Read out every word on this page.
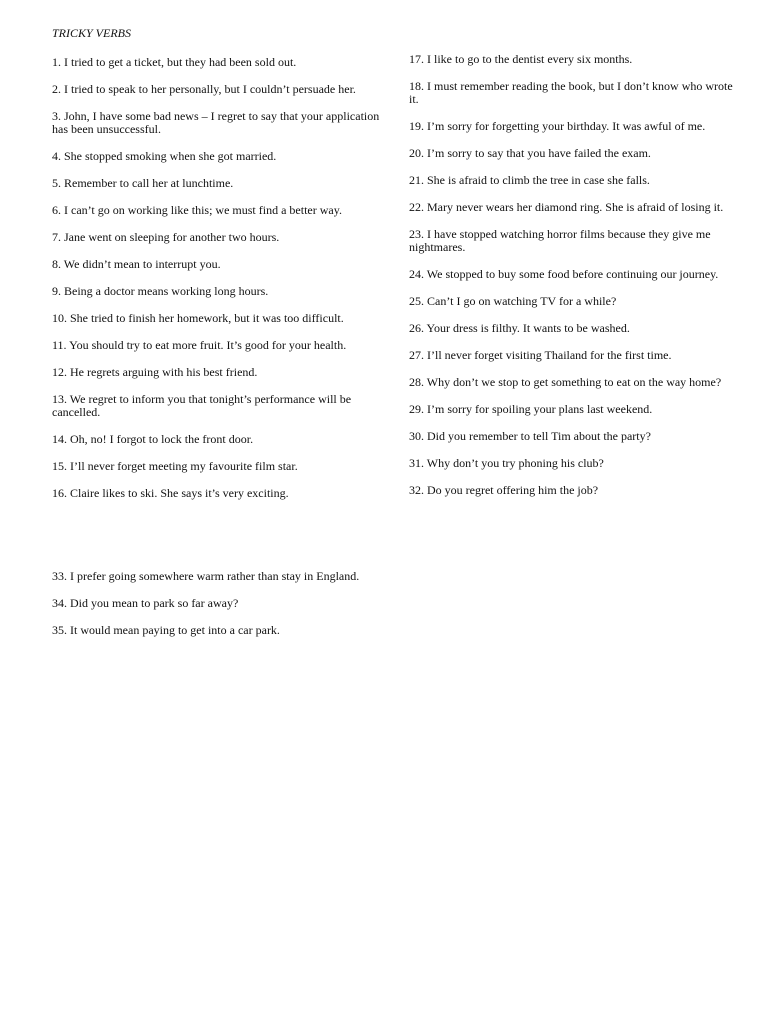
TRICKY VERBS
1. I tried to get a ticket, but they had been sold out.
2. I tried to speak to her personally, but I couldn’t persuade her.
3. John, I have some bad news – I regret to say that your application has been unsuccessful.
4. She stopped smoking when she got married.
5. Remember to call her at lunchtime.
6. I can’t go on working like this; we must find a better way.
7. Jane went on sleeping for another two hours.
8. We didn’t mean to interrupt you.
9. Being a doctor means working long hours.
10. She tried to finish her homework, but it was too difficult.
11. You should try to eat more fruit. It’s good for your health.
12. He regrets arguing with his best friend.
13. We regret to inform you that tonight’s performance will be cancelled.
14. Oh, no! I forgot to lock the front door.
15. I’ll never forget meeting my favourite film star.
16. Claire likes to ski. She says it’s very exciting.
17. I like to go to the dentist every six months.
18. I must remember reading the book, but I don’t know who wrote it.
19. I’m sorry for forgetting your birthday. It was awful of me.
20. I’m sorry to say that you have failed the exam.
21. She is afraid to climb the tree in case she falls.
22. Mary never wears her diamond ring. She is afraid of losing it.
23. I have stopped watching horror films because they give me nightmares.
24. We stopped to buy some food before continuing our journey.
25. Can’t I go on watching TV for a while?
26. Your dress is filthy. It wants to be washed.
27. I’ll never forget visiting Thailand for the first time.
28. Why don’t we stop to get something to eat on the way home?
29. I’m sorry for spoiling your plans last weekend.
30. Did you remember to tell Tim about the party?
31. Why don’t you try phoning his club?
32. Do you regret offering him the job?
33. I prefer going somewhere warm rather than stay in England.
34. Did you mean to park so far away?
35. It would mean paying to get into a car park.
